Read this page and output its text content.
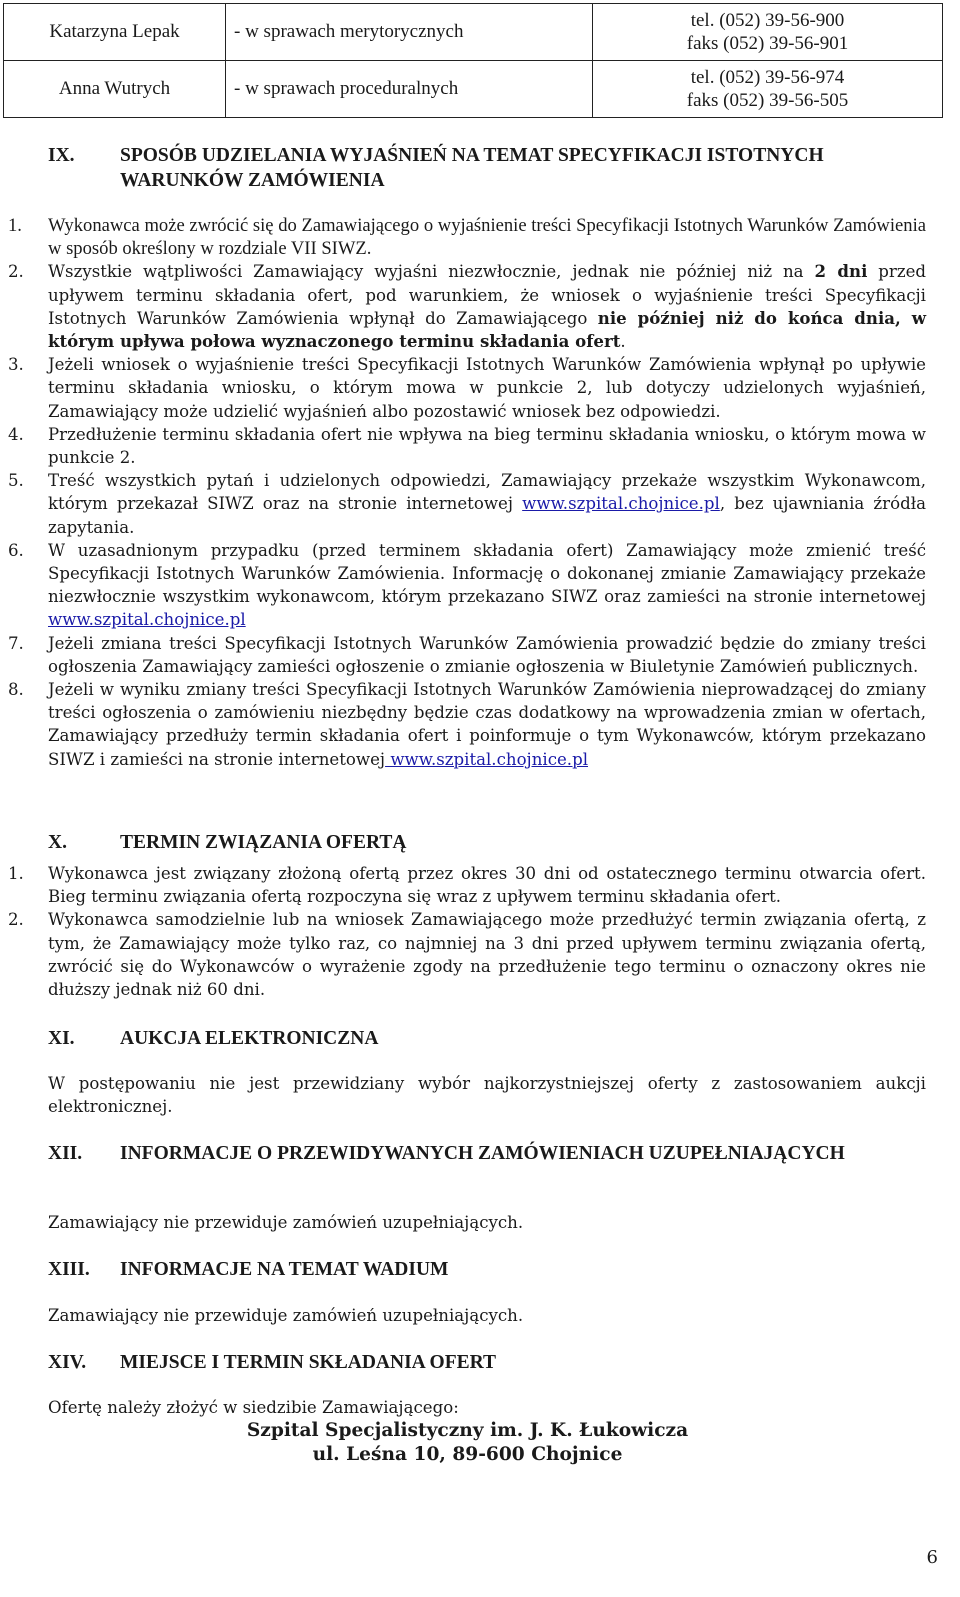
Katarzyna Lepak	- w sprawach merytorycznych	tel. (052) 39-56-900
faks (052) 39-56-901

Anna Wutrych	- w sprawach proceduralnych	tel. (052) 39-56-974
faks (052) 39-56-505
IX.	SPOSÓB UDZIELANIA WYJAŚNIEŃ NA TEMAT SPECYFIKACJI ISTOTNYCH WARUNKÓW ZAMÓWIENIA
1. Wykonawca może zwrócić się do Zamawiającego o wyjaśnienie treści Specyfikacji Istotnych Warunków Zamówienia w sposób określony w rozdziale VII SIWZ.
2. Wszystkie wątpliwości Zamawiający wyjaśni niezwłocznie, jednak nie później niż na 2 dni przed upływem terminu składania ofert, pod warunkiem, że wniosek o wyjaśnienie treści Specyfikacji Istotnych Warunków Zamówienia wpłynął do Zamawiającego nie później niż do końca dnia, w którym upływa połowa wyznaczonego terminu składania ofert.
3. Jeżeli wniosek o wyjaśnienie treści Specyfikacji Istotnych Warunków Zamówienia wpłynął po upływie terminu składania wniosku, o którym mowa w punkcie 2, lub dotyczy udzielonych wyjaśnień, Zamawiający może udzielić wyjaśnień albo pozostawić wniosek bez odpowiedzi.
4. Przedłużenie terminu składania ofert nie wpływa na bieg terminu składania wniosku, o którym mowa w punkcie 2.
5. Treść wszystkich pytań i udzielonych odpowiedzi, Zamawiający przekaże wszystkim Wykonawcom, którym przekazał SIWZ oraz na stronie internetowej www.szpital.chojnice.pl, bez ujawniania źródła zapytania.
6. W uzasadnionym przypadku (przed terminem składania ofert) Zamawiający może zmienić treść Specyfikacji Istotnych Warunków Zamówienia. Informację o dokonanej zmianie Zamawiający przekaże niezwłocznie wszystkim wykonawcom, którym przekazano SIWZ oraz zamieści na stronie internetowej www.szpital.chojnice.pl
7. Jeżeli zmiana treści Specyfikacji Istotnych Warunków Zamówienia prowadzić będzie do zmiany treści ogłoszenia Zamawiający zamieści ogłoszenie o zmianie ogłoszenia w Biuletynie Zamówień publicznych.
8. Jeżeli w wyniku zmiany treści Specyfikacji Istotnych Warunków Zamówienia nieprowadzącej do zmiany treści ogłoszenia o zamówieniu niezbędny będzie czas dodatkowy na wprowadzenia zmian w ofertach, Zamawiający przedłuży termin składania ofert i poinformuje o tym Wykonawców, którym przekazano SIWZ i zamieści na stronie internetowej www.szpital.chojnice.pl
X.	TERMIN ZWIĄZANIA OFERTĄ
1. Wykonawca jest związany złożoną ofertą przez okres 30 dni od ostatecznego terminu otwarcia ofert. Bieg terminu związania ofertą rozpoczyna się wraz z upływem terminu składania ofert.
2. Wykonawca samodzielnie lub na wniosek Zamawiającego może przedłużyć termin związania ofertą, z tym, że Zamawiający może tylko raz, co najmniej na 3 dni przed upływem terminu związania ofertą, zwrócić się do Wykonawców o wyrażenie zgody na przedłużenie tego terminu o oznaczony okres nie dłuższy jednak niż 60 dni.
XI.	AUKCJA ELEKTRONICZNA
W postępowaniu nie jest przewidziany wybór najkorzystniejszej oferty z zastosowaniem aukcji elektronicznej.
XII.	INFORMACJE O PRZEWIDYWANYCH ZAMÓWIENIACH UZUPEŁNIAJĄCYCH
Zamawiający nie przewiduje zamówień uzupełniających.
XIII.	INFORMACJE NA TEMAT WADIUM
Zamawiający nie przewiduje zamówień uzupełniających.
XIV.	MIEJSCE I TERMIN SKŁADANIA OFERT
Ofertę należy złożyć w siedzibie Zamawiającego:
Szpital Specjalistyczny im. J. K. Łukowicza
ul. Leśna 10, 89-600 Chojnice
6
